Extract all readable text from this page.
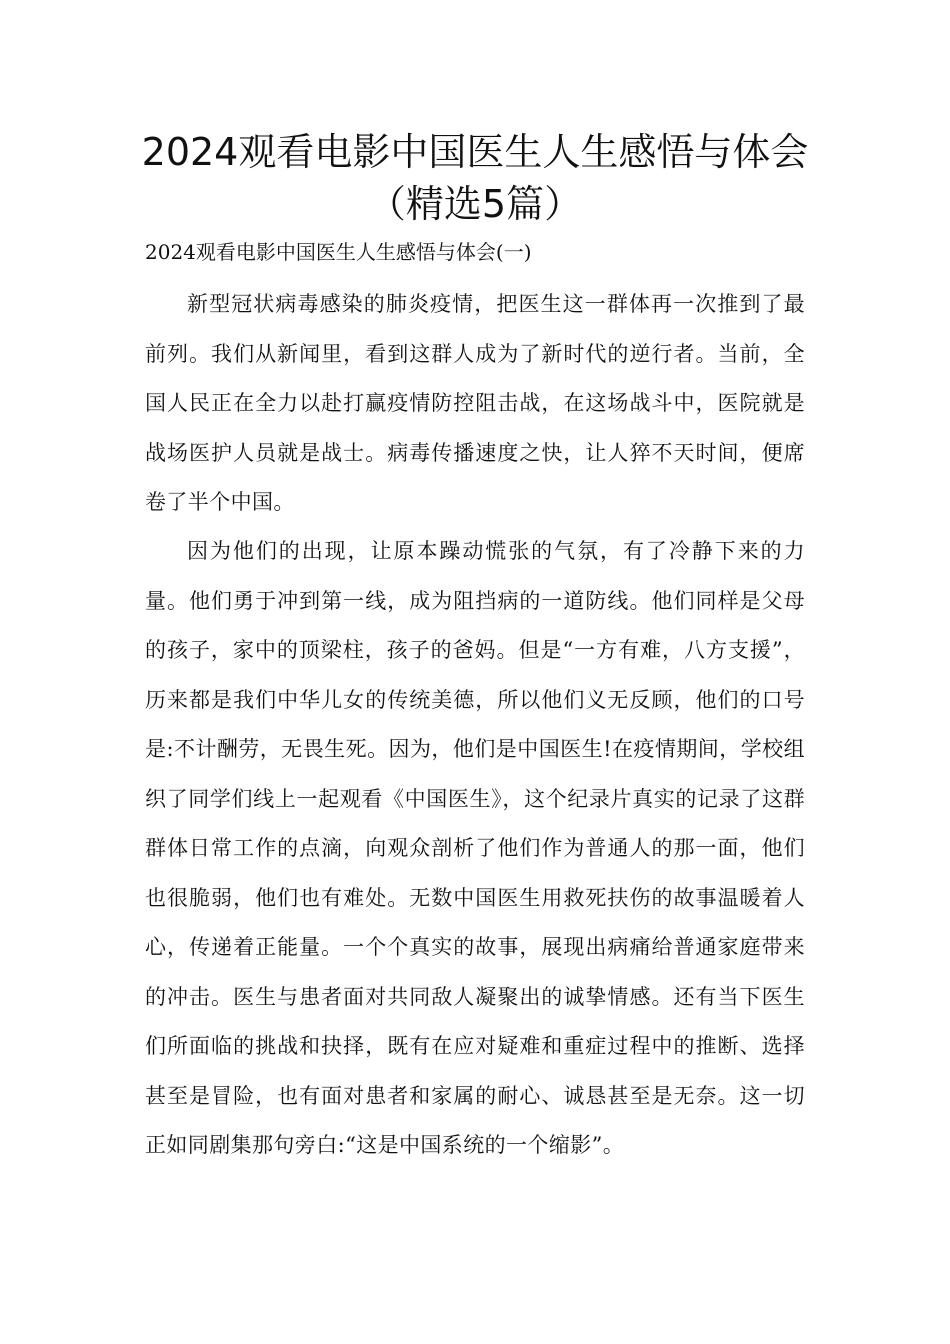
2024观看电影中国医生人生感悟与体会
（精选5篇）
2024观看电影中国医生人生感悟与体会(一)

新型冠状病毒感染的肺炎疫情，把医生这一群体再一次推到了最前列。我们从新闻里，看到这群人成为了新时代的逆行者。当前，全国人民正在全力以赴打赢疫情防控阻击战，在这场战斗中，医院就是战场医护人员就是战士。病毒传播速度之快，让人猝不天时间，便席卷了半个中国。

因为他们的出现，让原本躁动慌张的气氛，有了冷静下来的力量。他们勇于冲到第一线，成为阻挡病的一道防线。他们同样是父母的孩子，家中的顶梁柱，孩子的爸妈。但是“一方有难，八方支援”，历来都是我们中华儿女的传统美德，所以他们义无反顾，他们的口号是:不计酬劳，无畏生死。因为，他们是中国医生!在疫情期间，学校组织了同学们线上一起观看《中国医生》，这个纪录片真实的记录了这群群体日常工作的点滴，向观众剖析了他们作为普通人的那一面，他们也很脆弱，他们也有难处。无数中国医生用救死扶伤的故事温暖着人心，传递着正能量。一个个真实的故事，展现出病痛给普通家庭带来的冲击。医生与患者面对共同敌人凝聚出的诚挚情感。还有当下医生们所面临的挑战和抉择，既有在应对疑难和重症过程中的推断、选择甚至是冒险，也有面对患者和家属的耐心、诚恳甚至是无奈。这一切正如同剧集那句旁白:“这是中国系统的一个缩影”。
